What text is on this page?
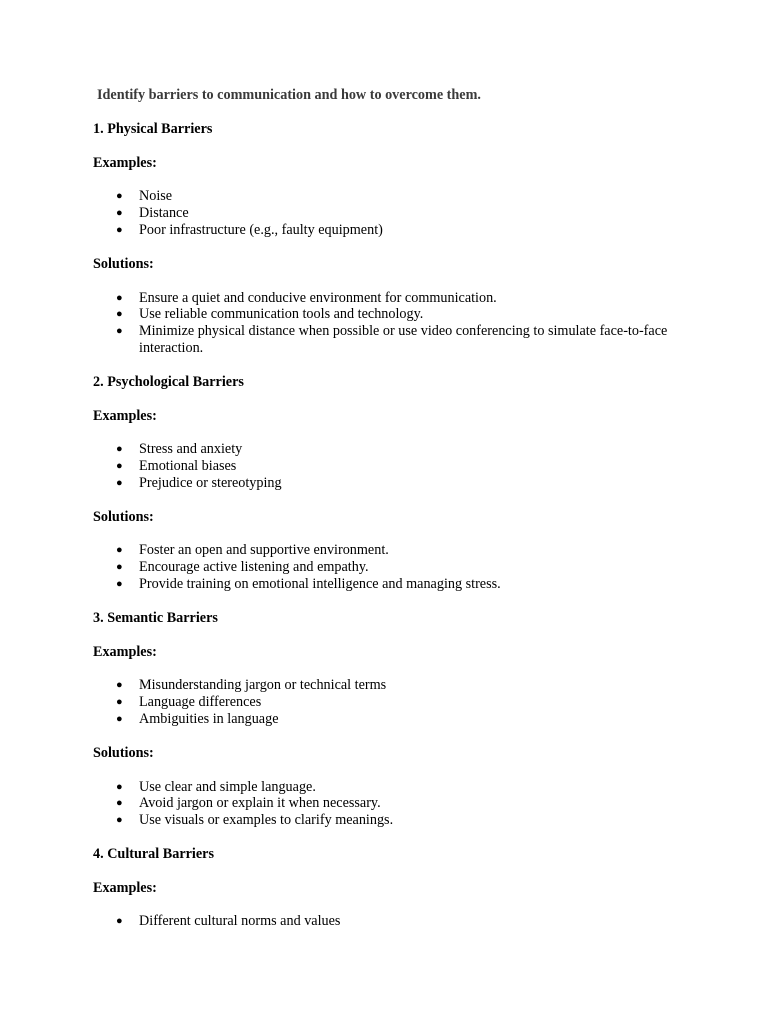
Identify barriers to communication and how to overcome them.
1. Physical Barriers
Examples:
● Noise
● Distance
● Poor infrastructure (e.g., faulty equipment)
Solutions:
● Ensure a quiet and conducive environment for communication.
● Use reliable communication tools and technology.
● Minimize physical distance when possible or use video conferencing to simulate face-to-face interaction.
2. Psychological Barriers
Examples:
● Stress and anxiety
● Emotional biases
● Prejudice or stereotyping
Solutions:
● Foster an open and supportive environment.
● Encourage active listening and empathy.
● Provide training on emotional intelligence and managing stress.
3. Semantic Barriers
Examples:
● Misunderstanding jargon or technical terms
● Language differences
● Ambiguities in language
Solutions:
● Use clear and simple language.
● Avoid jargon or explain it when necessary.
● Use visuals or examples to clarify meanings.
4. Cultural Barriers
Examples:
● Different cultural norms and values
